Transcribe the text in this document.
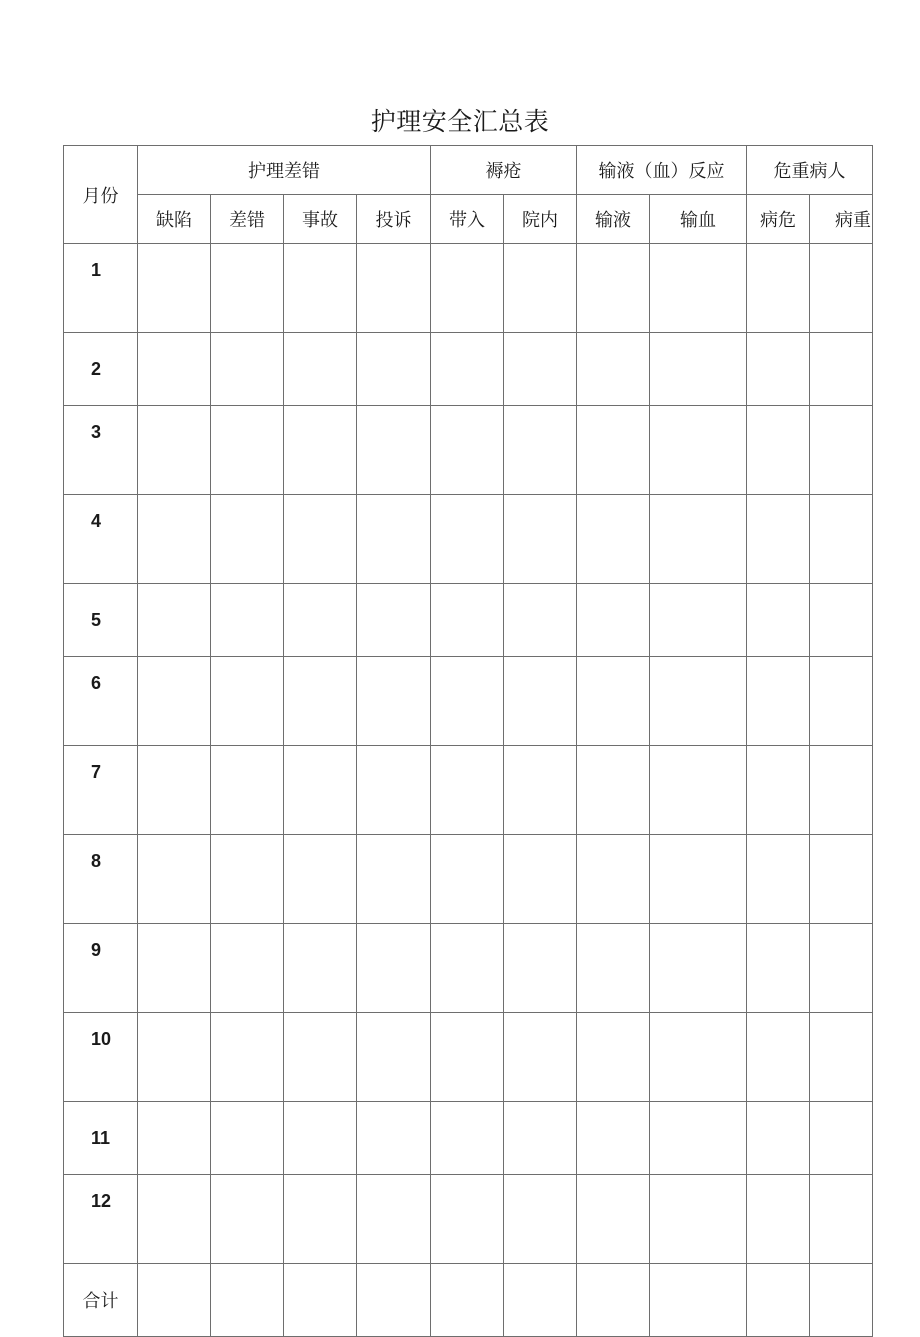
护理安全汇总表
月份	护理差错				褥疮		输液（血）反应		危重病人	
	缺陷	差错	事故	投诉	带入	院内	输液	输血	病危	病重
1										
2										
3										
4										
5										
6										
7										
8										
9										
10										
11										
12										
合计										
